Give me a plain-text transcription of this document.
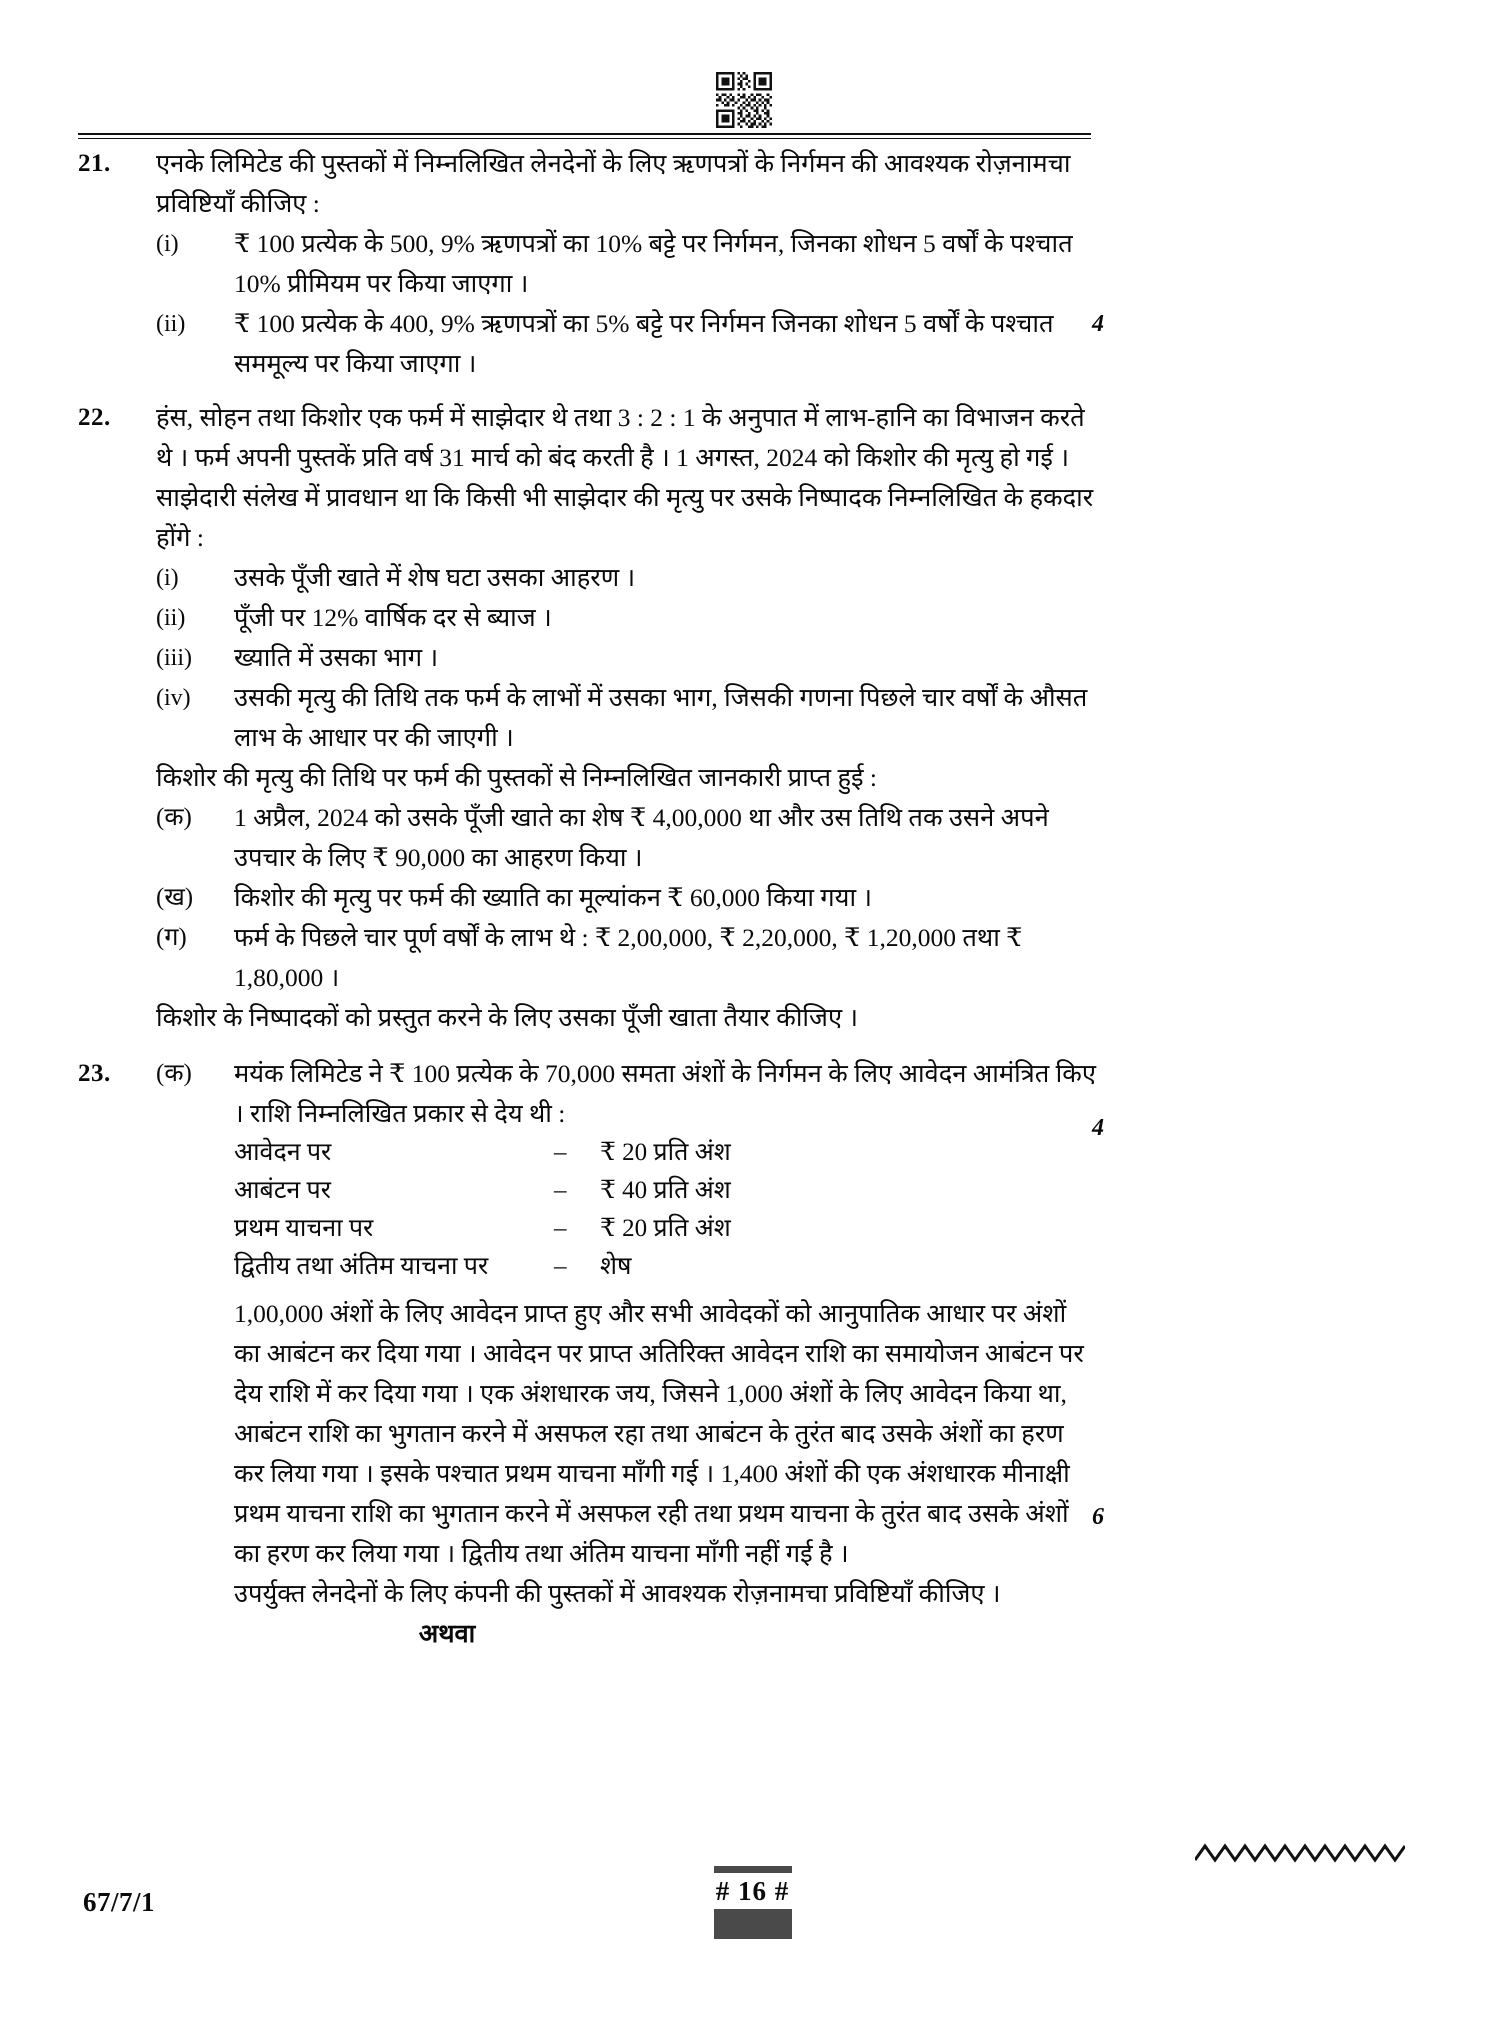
21.	एनके लिमिटेड की पुस्तकों में निम्नलिखित लेनदेनों के लिए ऋणपत्रों के निर्गमन की आवश्यक रोज़नामचा प्रविष्टियाँ कीजिए :

(i)	₹ 100 प्रत्येक के 500, 9% ऋणपत्रों का 10% बट्टे पर निर्गमन, जिनका शोधन 5 वर्षों के पश्चात 10% प्रीमियम पर किया जाएगा ।
(ii)	₹ 100 प्रत्येक के 400, 9% ऋणपत्रों का 5% बट्टे पर निर्गमन जिनका शोधन 5 वर्षों के पश्चात सममूल्य पर किया जाएगा ।
4
22.	हंस, सोहन तथा किशोर एक फर्म में साझेदार थे तथा 3 : 2 : 1 के अनुपात में लाभ-हानि का विभाजन करते थे । फर्म अपनी पुस्तकें प्रति वर्ष 31 मार्च को बंद करती है । 1 अगस्त, 2024 को किशोर की मृत्यु हो गई । साझेदारी संलेख में प्रावधान था कि किसी भी साझेदार की मृत्यु पर उसके निष्पादक निम्नलिखित के हकदार होंगे :

(i)	उसके पूँजी खाते में शेष घटा उसका आहरण ।
(ii)	पूँजी पर 12% वार्षिक दर से ब्याज ।
(iii)	ख्याति में उसका भाग ।
(iv)	उसकी मृत्यु की तिथि तक फर्म के लाभों में उसका भाग, जिसकी गणना पिछले चार वर्षों के औसत लाभ के आधार पर की जाएगी ।

किशोर की मृत्यु की तिथि पर फर्म की पुस्तकों से निम्नलिखित जानकारी प्राप्त हुई :

(क)	1 अप्रैल, 2024 को उसके पूँजी खाते का शेष ₹ 4,00,000 था और उस तिथि तक उसने अपने उपचार के लिए ₹ 90,000 का आहरण किया ।
(ख)	किशोर की मृत्यु पर फर्म की ख्याति का मूल्यांकन ₹ 60,000 किया गया ।
(ग)	फर्म के पिछले चार पूर्ण वर्षों के लाभ थे : ₹ 2,00,000, ₹ 2,20,000, ₹ 1,20,000 तथा ₹ 1,80,000 ।

किशोर के निष्पादकों को प्रस्तुत करने के लिए उसका पूँजी खाता तैयार कीजिए ।

4
23.	(क)	मयंक लिमिटेड ने ₹ 100 प्रत्येक के 70,000 समता अंशों के निर्गमन के लिए आवेदन आमंत्रित किए । राशि निम्नलिखित प्रकार से देय थी :
आवेदन पर	–	₹ 20 प्रति अंश
आबंटन पर	–	₹ 40 प्रति अंश
प्रथम याचना पर	–	₹ 20 प्रति अंश
द्वितीय तथा अंतिम याचना पर	–	शेष

1,00,000 अंशों के लिए आवेदन प्राप्त हुए और सभी आवेदकों को आनुपातिक आधार पर अंशों का आबंटन कर दिया गया । आवेदन पर प्राप्त अतिरिक्त आवेदन राशि का समायोजन आबंटन पर देय राशि में कर दिया गया । एक अंशधारक जय, जिसने 1,000 अंशों के लिए आवेदन किया था, आबंटन राशि का भुगतान करने में असफल रहा तथा आबंटन के तुरंत बाद उसके अंशों का हरण कर लिया गया । इसके पश्चात प्रथम याचना माँगी गई । 1,400 अंशों की एक अंशधारक मीनाक्षी प्रथम याचना राशि का भुगतान करने में असफल रही तथा प्रथम याचना के तुरंत बाद उसके अंशों का हरण कर लिया गया । द्वितीय तथा अंतिम याचना माँगी नहीं गई है ।

उपर्युक्त लेनदेनों के लिए कंपनी की पुस्तकों में आवश्यक रोज़नामचा प्रविष्टियाँ कीजिए ।

अथवा
6
67/7/1	# 16 #
